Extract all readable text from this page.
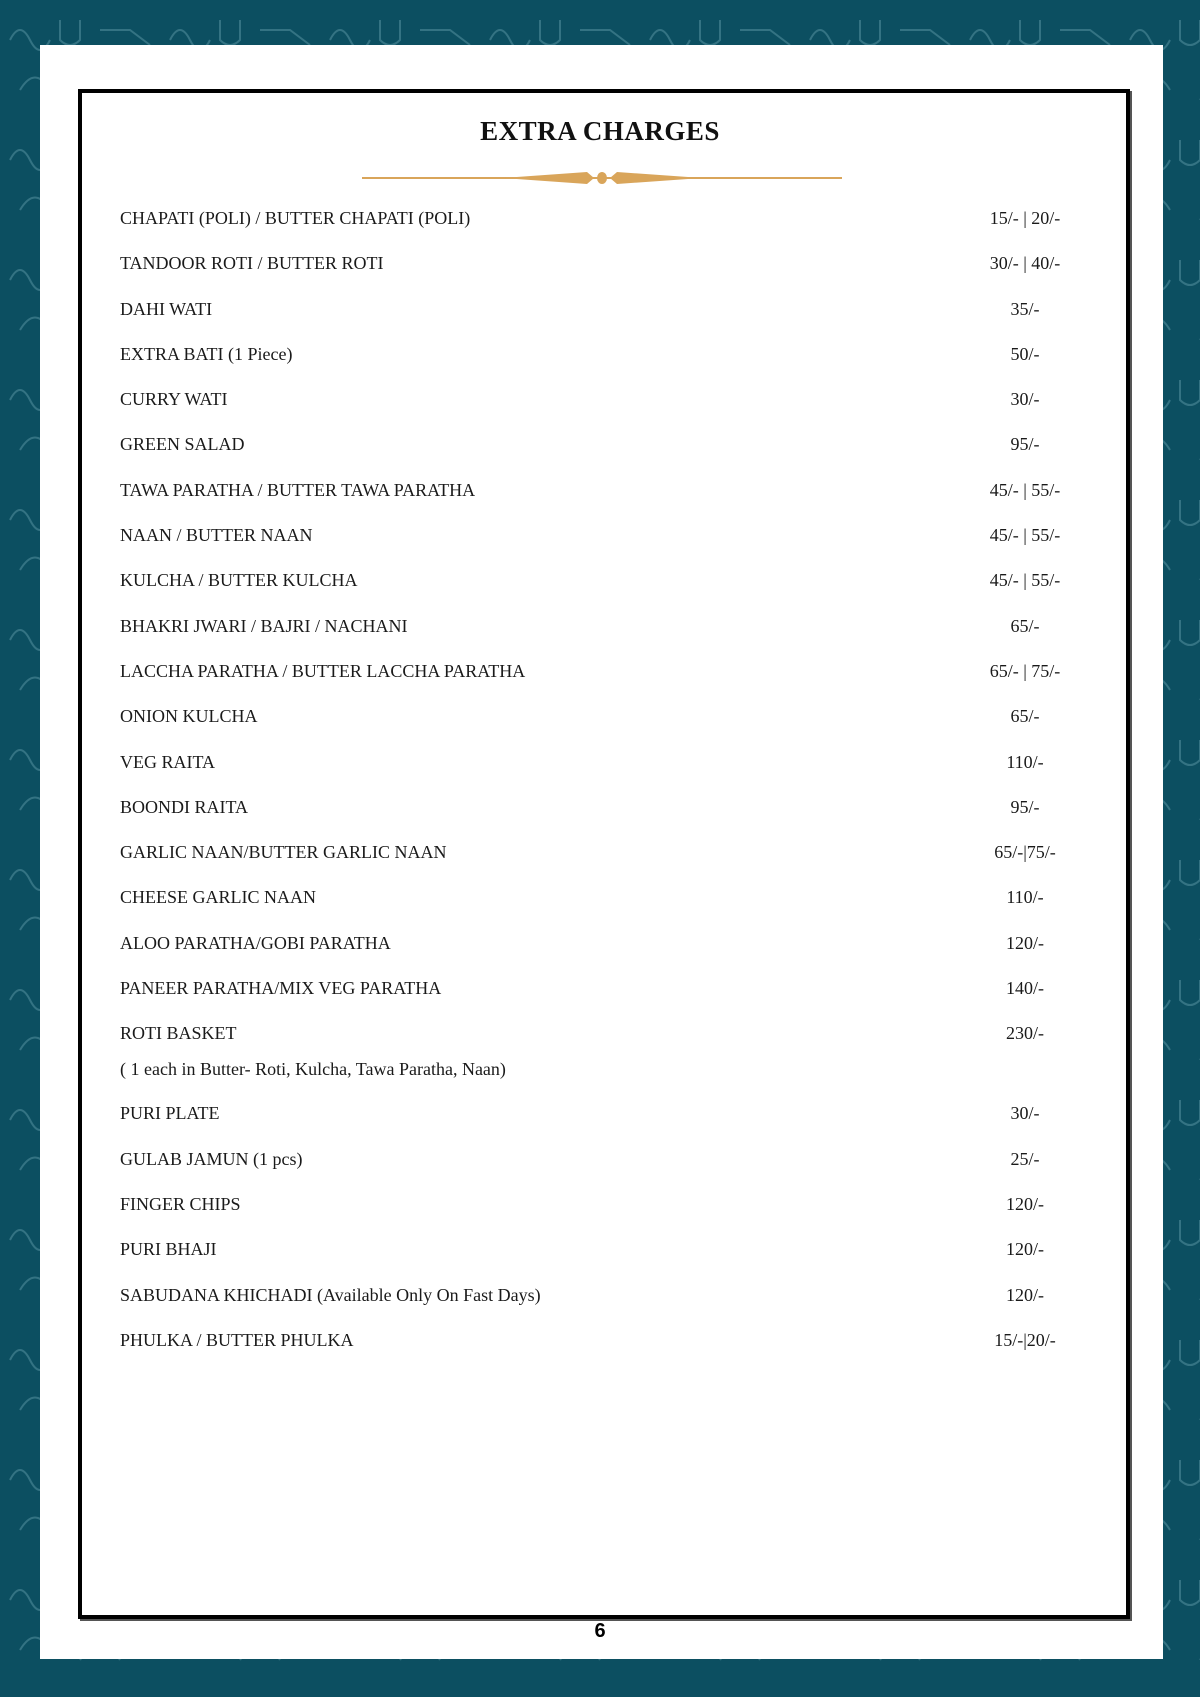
EXTRA CHARGES
CHAPATI (POLI) / BUTTER CHAPATI (POLI)	15/- | 20/-
TANDOOR ROTI / BUTTER ROTI	30/- | 40/-
DAHI WATI	35/-
EXTRA BATI (1 Piece)	50/-
CURRY WATI	30/-
GREEN SALAD	95/-
TAWA PARATHA / BUTTER TAWA PARATHA	45/- | 55/-
NAAN / BUTTER NAAN	45/- | 55/-
KULCHA / BUTTER KULCHA	45/- | 55/-
BHAKRI JWARI / BAJRI / NACHANI	65/-
LACCHA PARATHA / BUTTER LACCHA PARATHA	65/- | 75/-
ONION KULCHA	65/-
VEG RAITA	110/-
BOONDI RAITA	95/-
GARLIC NAAN/BUTTER GARLIC NAAN	65/-|75/-
CHEESE GARLIC NAAN	110/-
ALOO PARATHA/GOBI PARATHA	120/-
PANEER PARATHA/MIX VEG PARATHA	140/-
ROTI BASKET	230/-
( 1 each in Butter- Roti, Kulcha, Tawa Paratha, Naan)
PURI PLATE	30/-
GULAB JAMUN (1 pcs)	25/-
FINGER CHIPS	120/-
PURI BHAJI	120/-
SABUDANA KHICHADI (Available Only On Fast Days)	120/-
PHULKA / BUTTER PHULKA	15/-|20/-
6
